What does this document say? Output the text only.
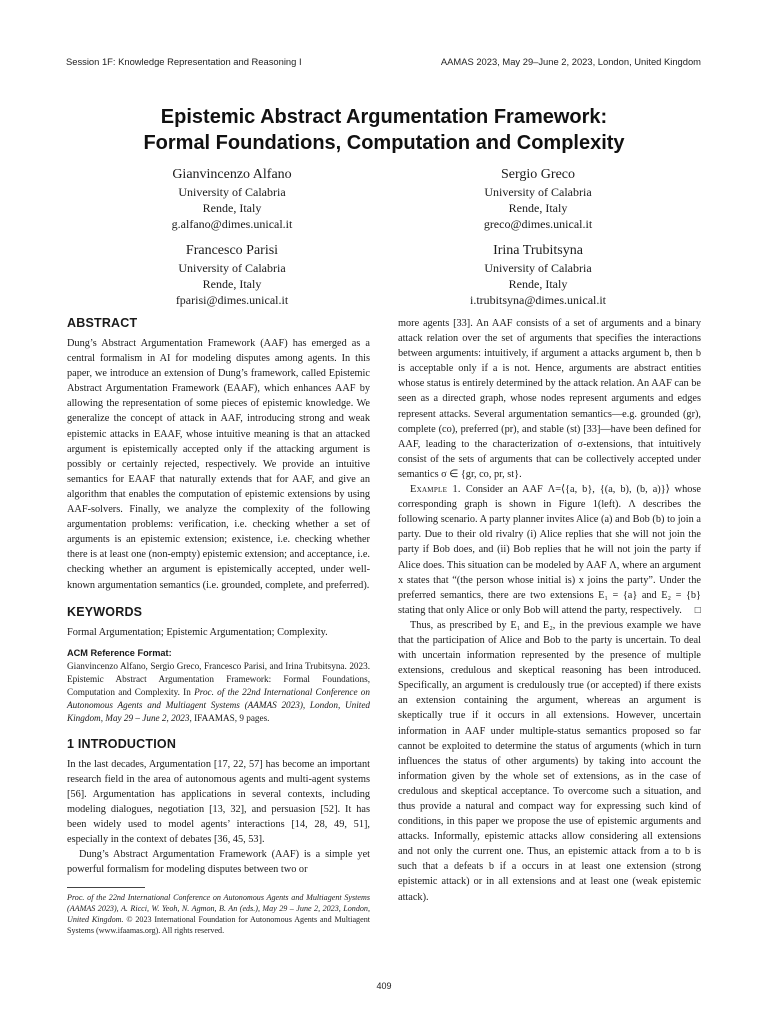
Session 1F: Knowledge Representation and Reasoning I	AAMAS 2023, May 29–June 2, 2023, London, United Kingdom
Epistemic Abstract Argumentation Framework:
Formal Foundations, Computation and Complexity
Gianvincenzo Alfano
University of Calabria
Rende, Italy
g.alfano@dimes.unical.it
Sergio Greco
University of Calabria
Rende, Italy
greco@dimes.unical.it
Francesco Parisi
University of Calabria
Rende, Italy
fparisi@dimes.unical.it
Irina Trubitsyna
University of Calabria
Rende, Italy
i.trubitsyna@dimes.unical.it
ABSTRACT
Dung’s Abstract Argumentation Framework (AAF) has emerged as a central formalism in AI for modeling disputes among agents. In this paper, we introduce an extension of Dung’s framework, called Epistemic Abstract Argumentation Framework (EAAF), which enhances AAF by allowing the representation of some pieces of epistemic knowledge. We generalize the concept of attack in AAF, introducing strong and weak epistemic attacks in EAAF, whose intuitive meaning is that an attacked argument is epistemically accepted only if the attacking argument is possibly or certainly rejected, respectively. We provide an intuitive semantics for EAAF that naturally extends that for AAF, and give an algorithm that enables the computation of epistemic extensions by using AAF-solvers. Finally, we analyze the complexity of the following argumentation problems: verification, i.e. checking whether a set of arguments is an epistemic extension; existence, i.e. checking whether there is at least one (non-empty) epistemic extension; and acceptance, i.e. checking whether an argument is epistemically accepted, under well-known argumentation semantics (i.e. grounded, complete, and preferred).
KEYWORDS
Formal Argumentation; Epistemic Argumentation; Complexity.
ACM Reference Format:
Gianvincenzo Alfano, Sergio Greco, Francesco Parisi, and Irina Trubitsyna. 2023. Epistemic Abstract Argumentation Framework: Formal Foundations, Computation and Complexity. In Proc. of the 22nd International Conference on Autonomous Agents and Multiagent Systems (AAMAS 2023), London, United Kingdom, May 29 – June 2, 2023, IFAAMAS, 9 pages.
1 INTRODUCTION

In the last decades, Argumentation [17, 22, 57] has become an important research field in the area of autonomous agents and multi-agent systems [56]. Argumentation has applications in several contexts, including modeling dialogues, negotiation [13, 32], and persuasion [52]. It has been widely used to model agents’ interactions [14, 28, 49, 51], especially in the context of debates [36, 45, 53].

Dung’s Abstract Argumentation Framework (AAF) is a simple yet powerful formalism for modeling disputes between two or

Proc. of the 22nd International Conference on Autonomous Agents and Multiagent Systems (AAMAS 2023), A. Ricci, W. Yeoh, N. Agmon, B. An (eds.), May 29 – June 2, 2023, London, United Kingdom. © 2023 International Foundation for Autonomous Agents and Multiagent Systems (www.ifaamas.org). All rights reserved.

more agents [33]. An AAF consists of a set of arguments and a binary attack relation over the set of arguments that specifies the interactions between arguments: intuitively, if argument a attacks argument b, then b is acceptable only if a is not. Hence, arguments are abstract entities whose status is entirely determined by the attack relation. An AAF can be seen as a directed graph, whose nodes represent arguments and edges represent attacks. Several argumentation semantics—e.g. grounded (gr), complete (co), preferred (pr), and stable (st) [33]—have been defined for AAF, leading to the characterization of σ-extensions, that intuitively consist of the sets of arguments that can be collectively accepted under semantics σ ∈ {gr, co, pr, st}.

Example 1. Consider an AAF Λ=⟨{a, b}, {(a, b), (b, a)}⟩ whose corresponding graph is shown in Figure 1(left). Λ describes the following scenario. A party planner invites Alice (a) and Bob (b) to join a party. Due to their old rivalry (i) Alice replies that she will not join the party if Bob does, and (ii) Bob replies that he will not join the party if Alice does. This situation can be modeled by AAF Λ, where an argument x states that “(the person whose initial is) x joins the party”. Under the preferred semantics, there are two extensions E₁ = {a} and E₂ = {b} stating that only Alice or only Bob will attend the party, respectively.	□

Thus, as prescribed by E₁ and E₂, in the previous example we have that the participation of Alice and Bob to the party is uncertain. To deal with uncertain information represented by the presence of multiple extensions, credulous and skeptical reasoning has been introduced. Specifically, an argument is credulously true (or accepted) if there exists an extension containing the argument, whereas an argument is skeptically true if it occurs in all extensions. However, uncertain information in AAF under multiple-status semantics proposed so far cannot be exploited to determine the status of arguments (which in turn influences the status of other arguments) by taking into account the information given by the whole set of extensions, as in the case of credulous and skeptical acceptance. To overcome such a situation, and thus provide a natural and compact way for expressing such kind of conditions, in this paper we propose the use of epistemic arguments and attacks. Informally, epistemic attacks allow considering all extensions and not only the current one. Thus, an epistemic attack from a to b is such that a defeats b if a occurs in at least one extension (strong epistemic attack) or in all extensions and at least one (weak epistemic attack).

409
